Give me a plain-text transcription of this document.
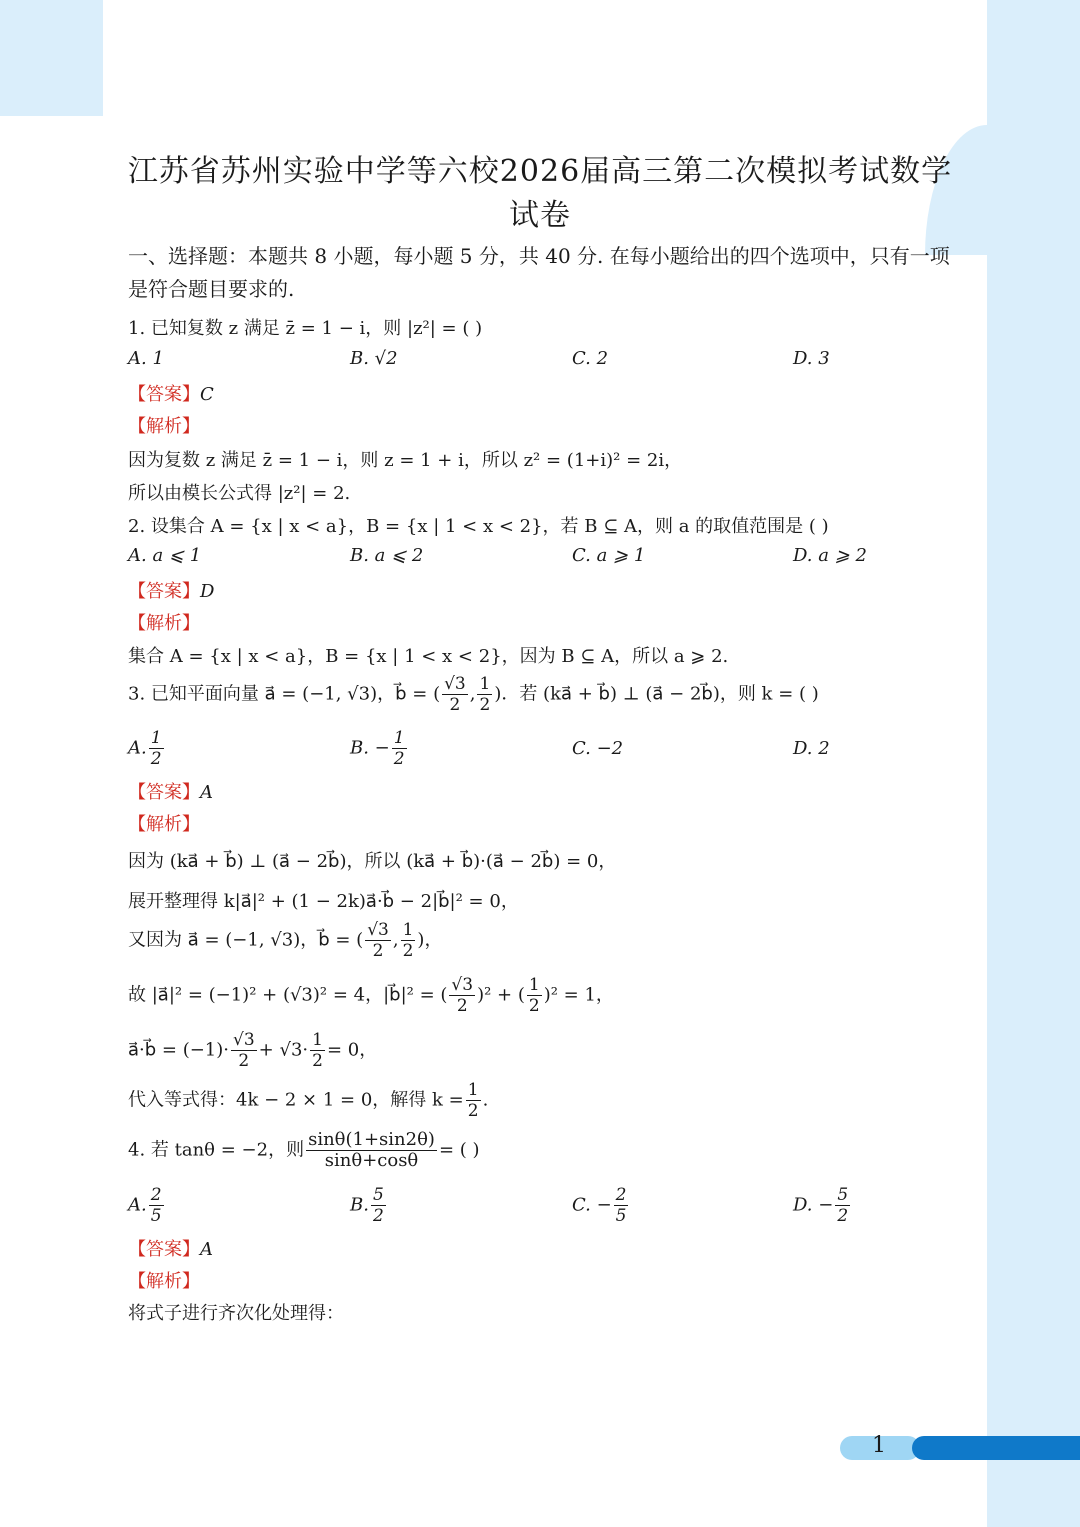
江苏省苏州实验中学等六校2026届高三第二次模拟考试数学试卷
一、选择题：本题共 8 小题，每小题 5 分，共 40 分. 在每小题给出的四个选项中，只有一项是符合题目要求的.
1. 已知复数 z 满足 z̄ = 1 − i，则 |z²| = ( )
A. 1	B. √2	C. 2	D. 3
【答案】C
【解析】
因为复数 z 满足 z̄ = 1 − i，则 z = 1 + i，所以 z² = (1+i)² = 2i，
所以由模长公式得 |z²| = 2.
2. 设集合 A = {x | x < a}，B = {x | 1 < x < 2}，若 B ⊆ A，则 a 的取值范围是 ( )
A. a ⩽ 1	B. a ⩽ 2	C. a ⩾ 1	D. a ⩾ 2
【答案】D
【解析】
集合 A = {x | x < a}，B = {x | 1 < x < 2}，因为 B ⊆ A，所以 a ⩾ 2.
3. 已知平面向量 a⃗ = (−1, √3)，b⃗ = ( $\frac{√3}{2}$ , $\frac{1}{2}$ )．若 (ka⃗ + b⃗) ⊥ (a⃗ − 2b⃗)，则 k = ( )
A. $\frac{1}{2}$	B. − $\frac{1}{2}$	C. −2	D. 2
【答案】A
【解析】
因为 (ka⃗ + b⃗) ⊥ (a⃗ − 2b⃗)，所以 (ka⃗ + b⃗)·(a⃗ − 2b⃗) = 0，
展开整理得 k|a⃗|² + (1 − 2k)a⃗·b⃗ − 2|b⃗|² = 0，
又因为 a⃗ = (−1, √3)，b⃗ = ( $\frac{√3}{2}$ , $\frac{1}{2}$ )，
故 |a⃗|² = (−1)² + (√3)² = 4，|b⃗|² = ( $\frac{√3}{2} )^2$ + ( $\frac{1}{2} )^2 = 1$，
a⃗·b⃗ = $(-1)\cdot \frac{√3}{2} + √3\cdot \frac{1}{2} = 0$，
代入等式得：4k − 2 × 1 = 0，解得 $k = \frac{1}{2}$ .
4. 若 tanθ = −2，则 $\frac{\sin\theta(1+\sin 2\theta)}{\sin\theta+\cos\theta}$ = ( )
A. $\frac{2}{5}$	B. $\frac{5}{2}$	C. − $\frac{2}{5}$	D. − $\frac{5}{2}$
【答案】A
【解析】
将式子进行齐次化处理得：
1
